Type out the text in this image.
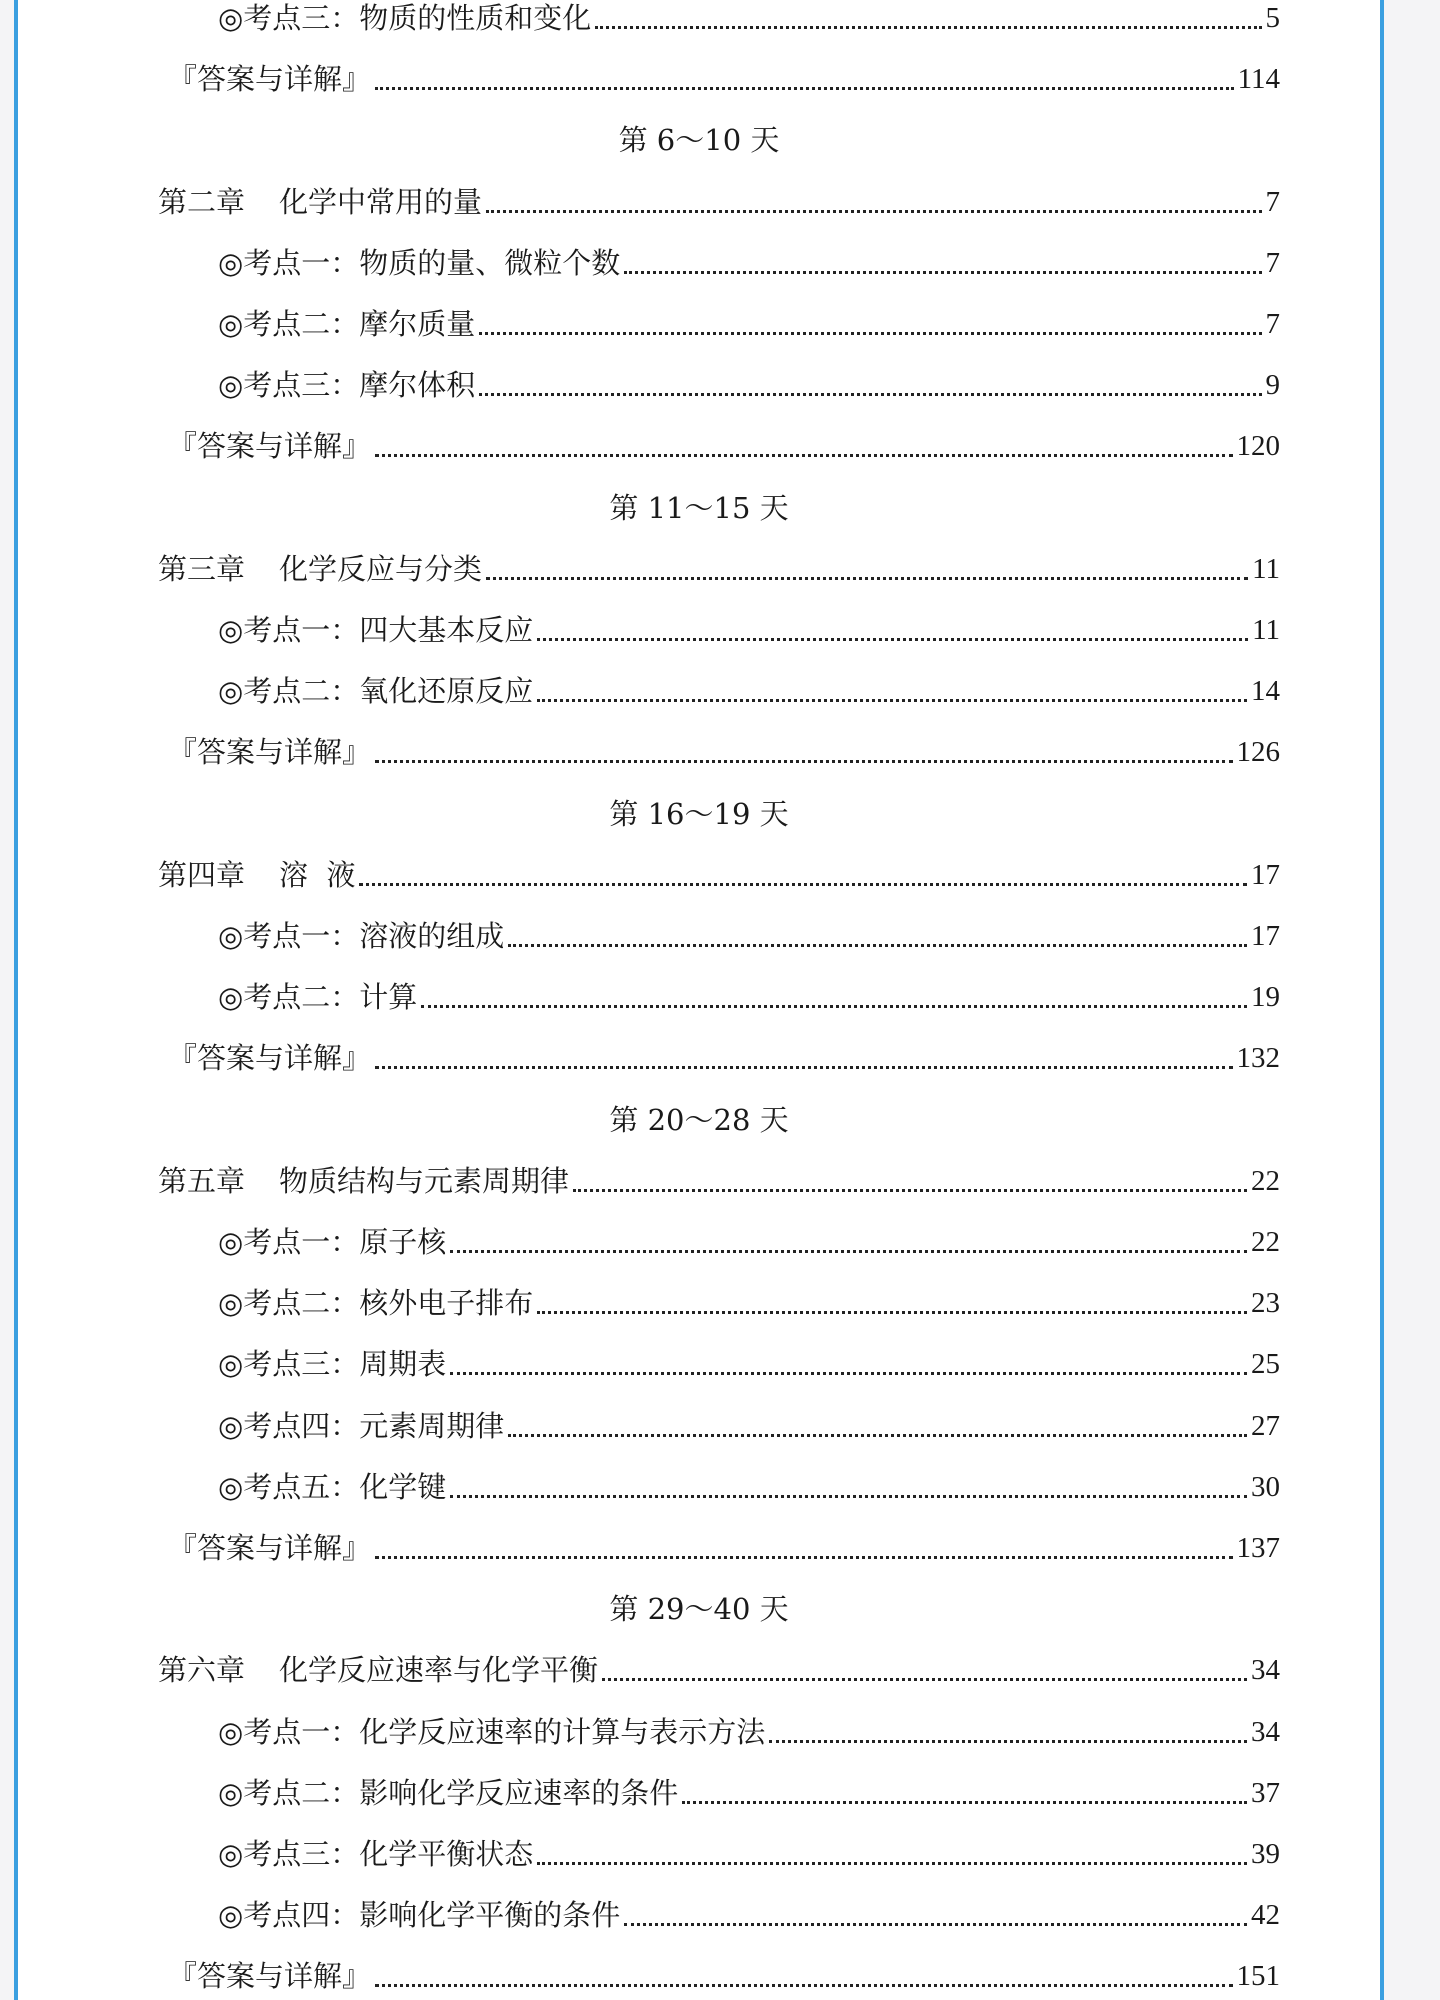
◎考点三：物质的性质和变化	5
『答案与详解』	114
第 6～10 天
第二章 化学中常用的量	7
◎考点一：物质的量、微粒个数	7
◎考点二：摩尔质量	7
◎考点三：摩尔体积	9
『答案与详解』	120
第 11～15 天
第三章 化学反应与分类	11
◎考点一：四大基本反应	11
◎考点二：氧化还原反应	14
『答案与详解』	126
第 16～19 天
第四章 溶  液	17
◎考点一：溶液的组成	17
◎考点二：计算	19
『答案与详解』	132
第 20～28 天
第五章 物质结构与元素周期律	22
◎考点一：原子核	22
◎考点二：核外电子排布	23
◎考点三：周期表	25
◎考点四：元素周期律	27
◎考点五：化学键	30
『答案与详解』	137
第 29～40 天
第六章 化学反应速率与化学平衡	34
◎考点一：化学反应速率的计算与表示方法	34
◎考点二：影响化学反应速率的条件	37
◎考点三：化学平衡状态	39
◎考点四：影响化学平衡的条件	42
『答案与详解』	151
